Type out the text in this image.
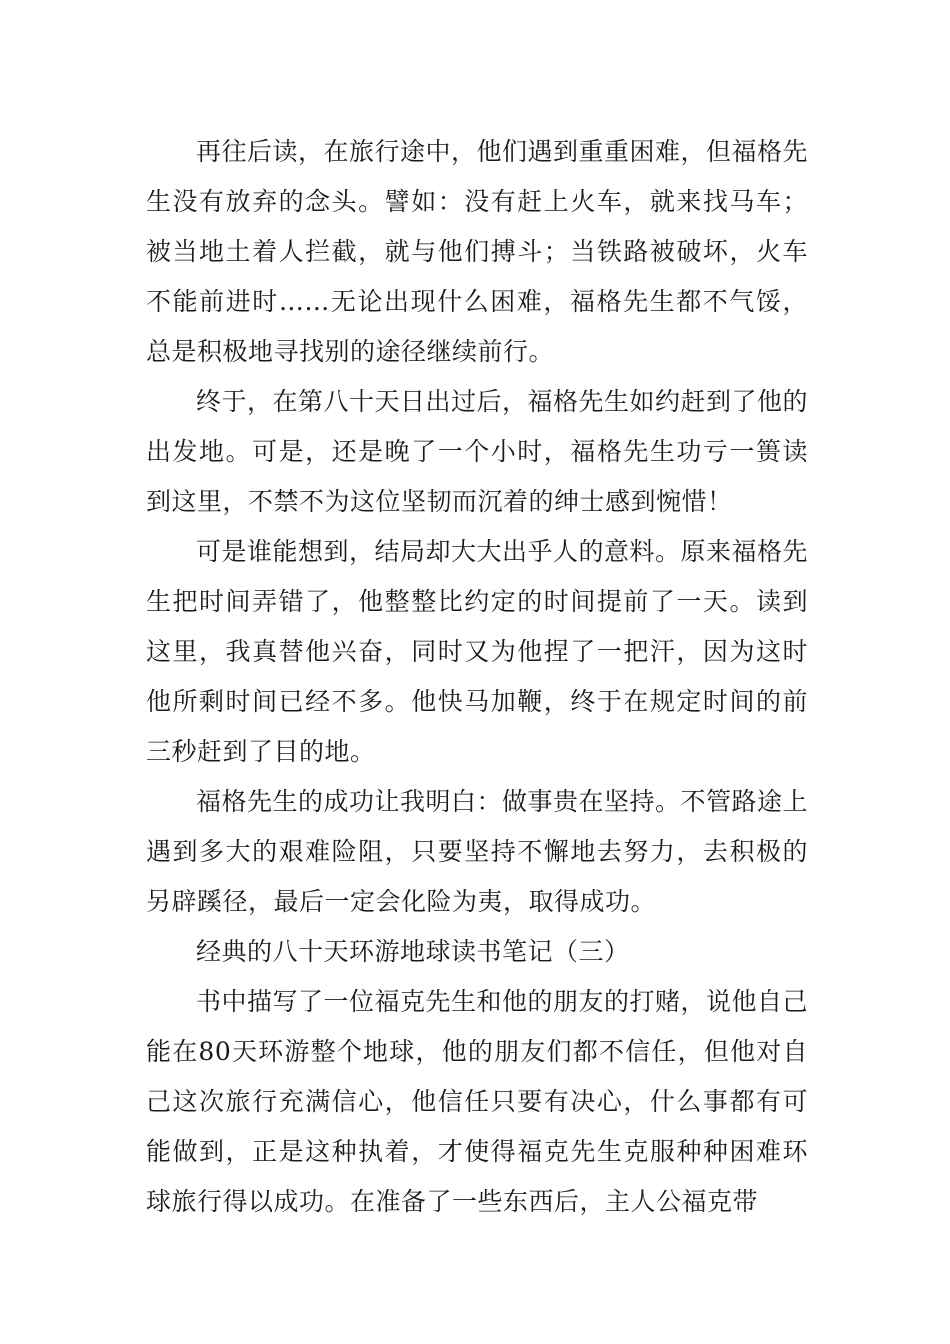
再往后读，在旅行途中，他们遇到重重困难，但福格先生没有放弃的念头。譬如：没有赶上火车，就来找马车；被当地土着人拦截，就与他们搏斗；当铁路被破坏，火车不能前进时……无论出现什么困难，福格先生都不气馁，总是积极地寻找别的途径继续前行。

终于，在第八十天日出过后，福格先生如约赶到了他的出发地。可是，还是晚了一个小时，福格先生功亏一篑读到这里，不禁不为这位坚韧而沉着的绅士感到惋惜！

可是谁能想到，结局却大大出乎人的意料。原来福格先生把时间弄错了，他整整比约定的时间提前了一天。读到这里，我真替他兴奋，同时又为他捏了一把汗，因为这时他所剩时间已经不多。他快马加鞭，终于在规定时间的前三秒赶到了目的地。

福格先生的成功让我明白：做事贵在坚持。不管路途上遇到多大的艰难险阻，只要坚持不懈地去努力，去积极的另辟蹊径，最后一定会化险为夷，取得成功。

经典的八十天环游地球读书笔记（三）

书中描写了一位福克先生和他的朋友的打赌，说他自己能在80天环游整个地球，他的朋友们都不信任，但他对自己这次旅行充满信心，他信任只要有决心，什么事都有可能做到，正是这种执着，才使得福克先生克服种种困难环球旅行得以成功。在准备了一些东西后，主人公福克带
